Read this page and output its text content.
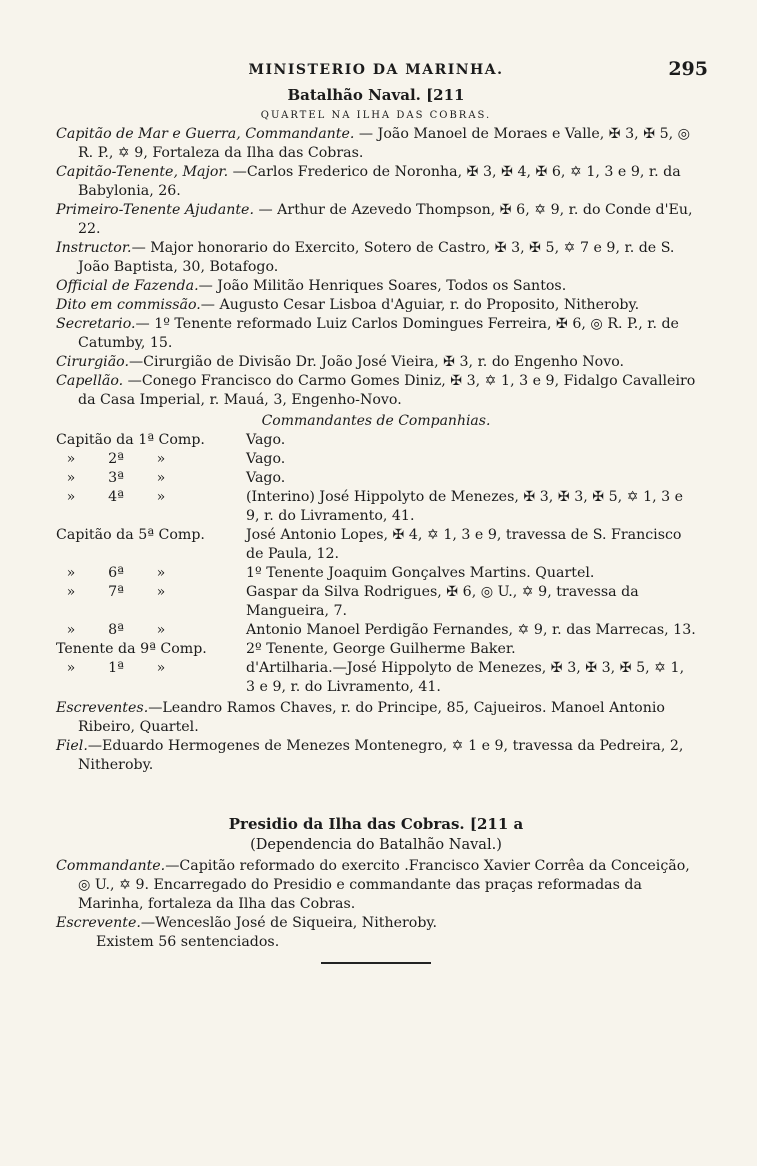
MINISTERIO DA MARINHA.	295
Batalhão Naval. [211
QUARTEL NA ILHA DAS COBRAS.

Capitão de Mar e Guerra, Commandante. — João Manoel de Moraes e Valle, ✠ 3, ✠ 5, ◎ R. P., ✡ 9, Fortaleza da Ilha das Cobras.

Capitão-Tenente, Major. —Carlos Frederico de Noronha, ✠ 3, ✠ 4, ✠ 6, ✡ 1, 3 e 9, r. da Babylonia, 26.

Primeiro-Tenente Ajudante. — Arthur de Azevedo Thompson, ✠ 6, ✡ 9, r. do Conde d'Eu, 22.

Instructor.— Major honorario do Exercito, Sotero de Castro, ✠ 3, ✠ 5, ✡ 7 e 9, r. de S. João Baptista, 30, Botafogo.

Official de Fazenda.— João Militão Henriques Soares, Todos os Santos.

Dito em commissão.— Augusto Cesar Lisboa d'Aguiar, r. do Proposito, Nitheroby.

Secretario.— 1º Tenente reformado Luiz Carlos Domingues Ferreira, ✠ 6, ◎ R. P., r. de Catumby, 15.

Cirurgião.—Cirurgião de Divisão Dr. João José Vieira, ✠ 3, r. do Engenho Novo.

Capellão. —Conego Francisco do Carmo Gomes Diniz, ✠ 3, ✡ 1, 3 e 9, Fidalgo Cavalleiro da Casa Imperial, r. Mauá, 3, Engenho-Novo.

Commandantes de Companhias.
Capitão da 1ª Comp.	Vago.
» 2ª »	Vago.
» 3ª »	Vago.
» 4ª »	(Interino) José Hippolyto de Menezes, ✠ 3, ✠ 3, ✠ 5, ✡ 1, 3 e 9, r. do Livramento, 41.
Capitão da 5ª Comp.	José Antonio Lopes, ✠ 4, ✡ 1, 3 e 9, travessa de S. Francisco de Paula, 12.
» 6ª »	1º Tenente Joaquim Gonçalves Martins. Quartel.
» 7ª »	Gaspar da Silva Rodrigues, ✠ 6, ◎ U., ✡ 9, travessa da Mangueira, 7.
» 8ª »	Antonio Manoel Perdigão Fernandes, ✡ 9, r. das Marrecas, 13.
Tenente da 9ª Comp.	2º Tenente, George Guilherme Baker.
» 1ª »	d'Artilharia.—José Hippolyto de Menezes, ✠ 3, ✠ 3, ✠ 5, ✡ 1, 3 e 9, r. do Livramento, 41.

Escreventes.—Leandro Ramos Chaves, r. do Principe, 85, Cajueiros. Manoel Antonio Ribeiro, Quartel.

Fiel.—Eduardo Hermogenes de Menezes Montenegro, ✡ 1 e 9, travessa da Pedreira, 2, Nitheroby.

Presidio da Ilha das Cobras. [211 a
(Dependencia do Batalhão Naval.)

Commandante.—Capitão reformado do exercito .Francisco Xavier Corrêa da Conceição, ◎ U., ✡ 9. Encarregado do Presidio e commandante das praças reformadas da Marinha, fortaleza da Ilha das Cobras.

Escrevente.—Wenceslão José de Siqueira, Nitheroby.

Existem 56 sentenciados.
